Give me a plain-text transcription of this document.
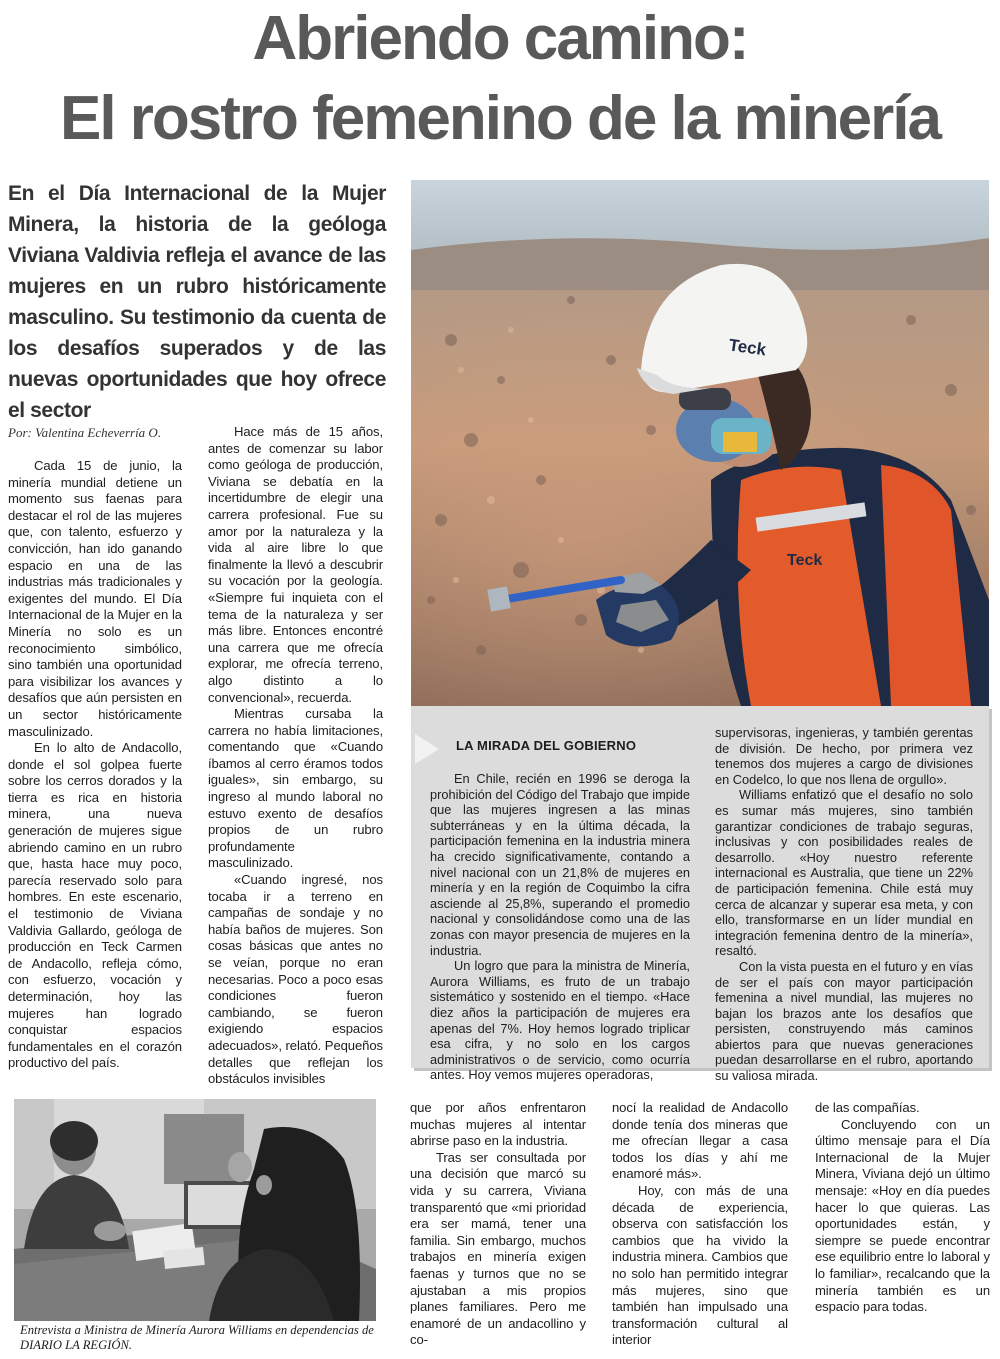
Abriendo camino:
El rostro femenino de la minería

En el Día Internacional de la Mujer Minera, la historia de la geóloga Viviana Valdivia refleja el avance de las mujeres en un rubro históricamente masculino. Su testimonio da cuenta de los desafíos superados y de las nuevas oportunidades que hoy ofrece el sector

Por: Valentina Echeverría O.

Cada 15 de junio, la minería mundial detiene un momento sus faenas para destacar el rol de las mujeres que, con talento, esfuerzo y convicción, han ido ganando espacio en una de las industrias más tradicionales y exigentes del mundo. El Día Internacional de la Mujer en la Minería no solo es un reconocimiento simbólico, sino también una oportunidad para visibilizar los avances y desafíos que aún persisten en un sector históricamente masculinizado.

En lo alto de Andacollo, donde el sol golpea fuerte sobre los cerros dorados y la tierra es rica en historia minera, una nueva generación de mujeres sigue abriendo camino en un rubro que, hasta hace muy poco, parecía reservado solo para hombres. En este escenario, el testimonio de Viviana Valdivia Gallardo, geóloga de producción en Teck Carmen de Andacollo, refleja cómo, con esfuerzo, vocación y determinación, hoy las mujeres han logrado conquistar espacios fundamentales en el corazón productivo del país.

Hace más de 15 años, antes de comenzar su labor como geóloga de producción, Viviana se debatía en la incertidumbre de elegir una carrera profesional. Fue su amor por la naturaleza y la vida al aire libre lo que finalmente la llevó a descubrir su vocación por la geología. «Siempre fui inquieta con el tema de la naturaleza y ser más libre. Entonces encontré una carrera que me ofrecía explorar, me ofrecía terreno, algo distinto a lo convencional», recuerda.

Mientras cursaba la carrera no había limitaciones, comentando que «Cuando íbamos al cerro éramos todos iguales», sin embargo, su ingreso al mundo laboral no estuvo exento de desafíos propios de un rubro profundamente masculinizado.

«Cuando ingresé, nos tocaba ir a terreno en campañas de sondaje y no había baños de mujeres. Son cosas básicas que antes no se veían, porque no eran necesarias. Poco a poco esas condiciones fueron cambiando, se fueron exigiendo espacios adecuados», relató. Pequeños detalles que reflejan los obstáculos invisibles

Teck
Teck
LA MIRADA DEL GOBIERNO

En Chile, recién en 1996 se deroga la prohibición del Código del Trabajo que impide que las mujeres ingresen a las minas subterráneas y en la última década, la participación femenina en la industria minera ha crecido significativamente, contando a nivel nacional con un 21,8% de mujeres en minería y en la región de Coquimbo la cifra asciende al 25,8%, superando el promedio nacional y consolidándose como una de las zonas con mayor presencia de mujeres en la industria.

Un logro que para la ministra de Minería, Aurora Williams, es fruto de un trabajo sistemático y sostenido en el tiempo. «Hace diez años la participación de mujeres era apenas del 7%. Hoy hemos logrado triplicar esa cifra, y no solo en los cargos administrativos o de servicio, como ocurría antes. Hoy vemos mujeres operadoras,

supervisoras, ingenieras, y también gerentas de división. De hecho, por primera vez tenemos dos mujeres a cargo de divisiones en Codelco, lo que nos llena de orgullo».

Williams enfatizó que el desafío no solo es sumar más mujeres, sino también garantizar condiciones de trabajo seguras, inclusivas y con posibilidades reales de desarrollo. «Hoy nuestro referente internacional es Australia, que tiene un 22% de participación femenina. Chile está muy cerca de alcanzar y superar esa meta, y con ello, transformarse en un líder mundial en integración femenina dentro de la minería», resaltó.

Con la vista puesta en el futuro y en vías de ser el país con mayor participación femenina a nivel mundial, las mujeres no bajan los brazos ante los desafíos que persisten, construyendo más caminos abiertos para que nuevas generaciones puedan desarrollarse en el rubro, aportando su valiosa mirada.

Entrevista a Ministra de Minería Aurora Williams en dependencias de DIARIO LA REGIÓN.

que por años enfrentaron muchas mujeres al intentar abrirse paso en la industria.

Tras ser consultada por una decisión que marcó su vida y su carrera, Viviana transparentó que «mi prioridad era ser mamá, tener una familia. Sin embargo, muchos trabajos en minería exigen faenas y turnos que no se ajustaban a mis propios planes familiares. Pero me enamoré de un andacollino y co-

nocí la realidad de Andacollo donde tenía dos mineras que me ofrecían llegar a casa todos los días y ahí me enamoré más».

Hoy, con más de una década de experiencia, observa con satisfacción los cambios que ha vivido la industria minera. Cambios que no solo han permitido integrar más mujeres, sino que también han impulsado una transformación cultural al interior

de las compañías.

Concluyendo con un último mensaje para el Día Internacional de la Mujer Minera, Viviana dejó un último mensaje: «Hoy en día puedes hacer lo que quieras. Las oportunidades están, y siempre se puede encontrar ese equilibrio entre lo laboral y lo familiar», recalcando que la minería también es un espacio para todas.
